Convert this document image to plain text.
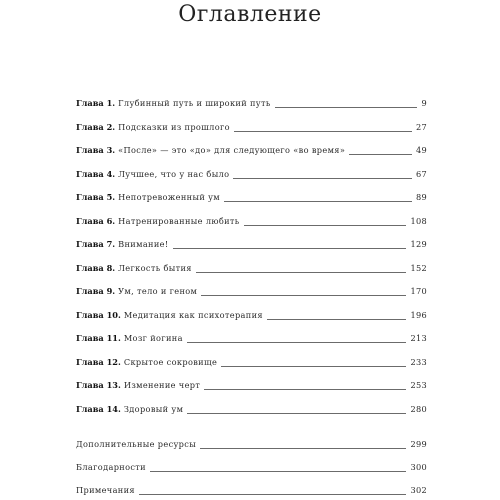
Оглавление
Глава 1. Глубинный путь и широкий путь	9
Глава 2. Подсказки из прошлого	27
Глава 3. «После» — это «до» для следующего «во время»	49
Глава 4. Лучшее, что у нас было	67
Глава 5. Непотревоженный ум	89
Глава 6. Натренированные любить	108
Глава 7. Внимание!	129
Глава 8. Легкость бытия	152
Глава 9. Ум, тело и геном	170
Глава 10. Медитация как психотерапия	196
Глава 11. Мозг йогина	213
Глава 12. Скрытое сокровище	233
Глава 13. Изменение черт	253
Глава 14. Здоровый ум	280
Дополнительные ресурсы	299
Благодарности	300
Примечания	302
